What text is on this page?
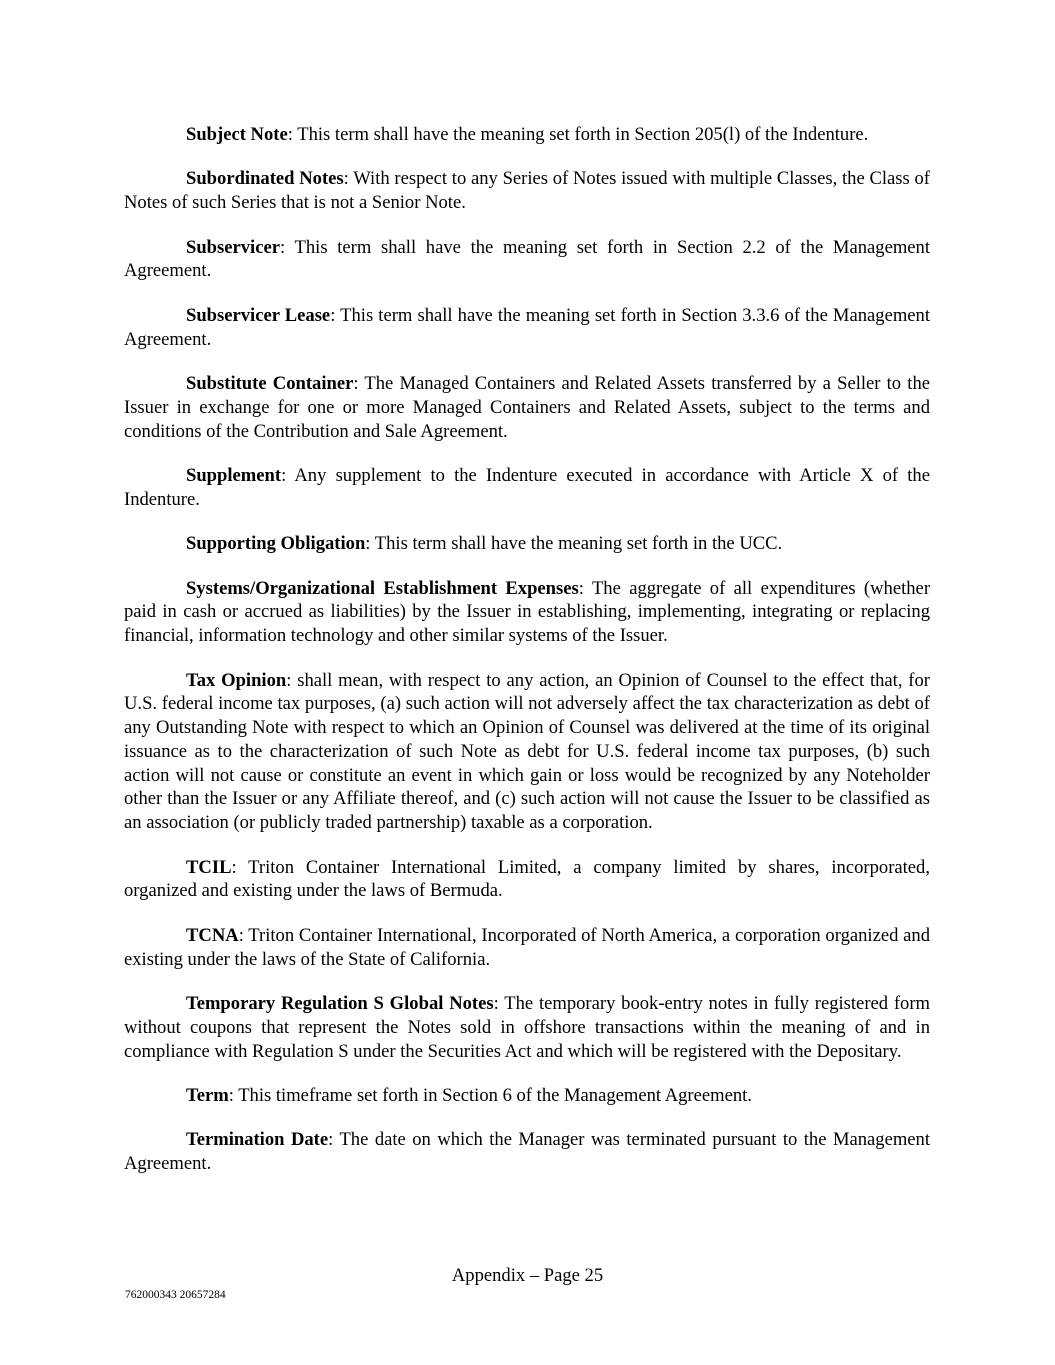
Subject Note: This term shall have the meaning set forth in Section 205(l) of the Indenture.

Subordinated Notes: With respect to any Series of Notes issued with multiple Classes, the Class of Notes of such Series that is not a Senior Note.

Subservicer: This term shall have the meaning set forth in Section 2.2 of the Management Agreement.

Subservicer Lease: This term shall have the meaning set forth in Section 3.3.6 of the Management Agreement.

Substitute Container: The Managed Containers and Related Assets transferred by a Seller to the Issuer in exchange for one or more Managed Containers and Related Assets, subject to the terms and conditions of the Contribution and Sale Agreement.

Supplement: Any supplement to the Indenture executed in accordance with Article X of the Indenture.

Supporting Obligation: This term shall have the meaning set forth in the UCC.

Systems/Organizational Establishment Expenses: The aggregate of all expenditures (whether paid in cash or accrued as liabilities) by the Issuer in establishing, implementing, integrating or replacing financial, information technology and other similar systems of the Issuer.

Tax Opinion: shall mean, with respect to any action, an Opinion of Counsel to the effect that, for U.S. federal income tax purposes, (a) such action will not adversely affect the tax characterization as debt of any Outstanding Note with respect to which an Opinion of Counsel was delivered at the time of its original issuance as to the characterization of such Note as debt for U.S. federal income tax purposes, (b) such action will not cause or constitute an event in which gain or loss would be recognized by any Noteholder other than the Issuer or any Affiliate thereof, and (c) such action will not cause the Issuer to be classified as an association (or publicly traded partnership) taxable as a corporation.

TCIL: Triton Container International Limited, a company limited by shares, incorporated, organized and existing under the laws of Bermuda.

TCNA: Triton Container International, Incorporated of North America, a corporation organized and existing under the laws of the State of California.

Temporary Regulation S Global Notes: The temporary book-entry notes in fully registered form without coupons that represent the Notes sold in offshore transactions within the meaning of and in compliance with Regulation S under the Securities Act and which will be registered with the Depositary.

Term: This timeframe set forth in Section 6 of the Management Agreement.

Termination Date: The date on which the Manager was terminated pursuant to the Management Agreement.

Appendix – Page 25
762000343 20657284
